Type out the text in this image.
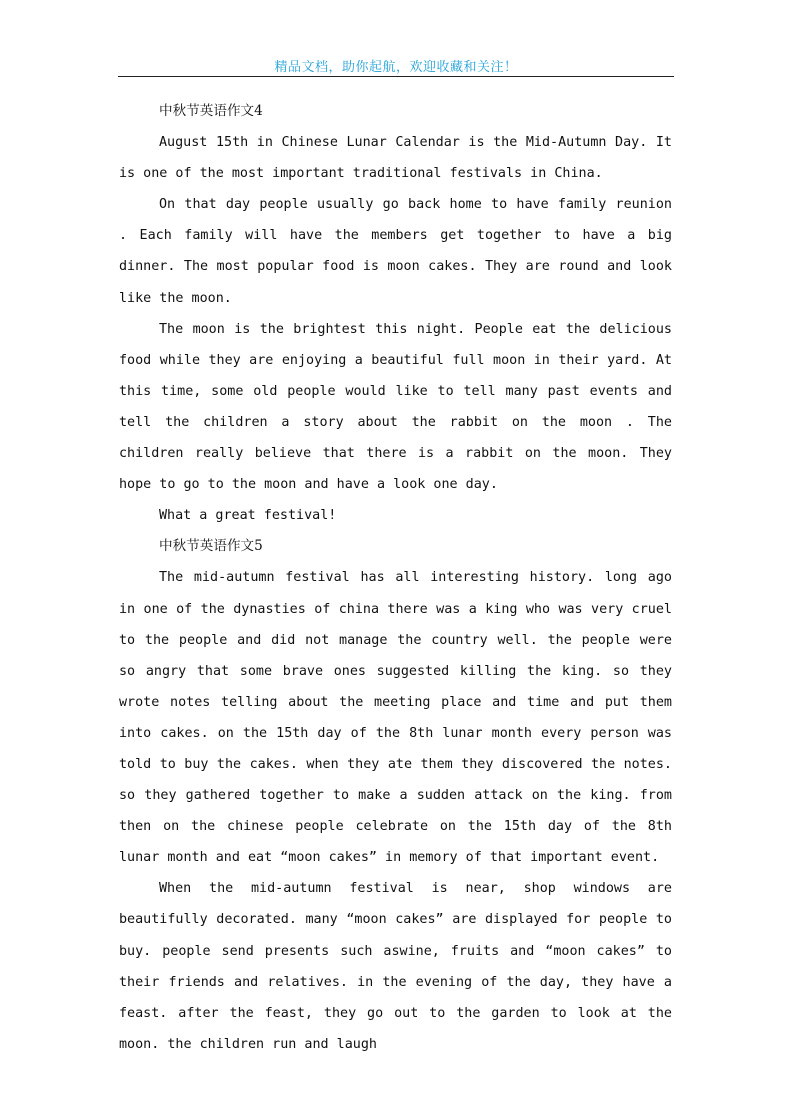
精品文档，助你起航，欢迎收藏和关注！

中秋节英语作文4

August 15th in Chinese Lunar Calendar is the Mid-Autumn Day. It is one of the most important traditional festivals in China.

On that day people usually go back home to have family reunion . Each family will have the members get together to have a big dinner. The most popular food is moon cakes. They are round and look like the moon.

The moon is the brightest this night. People eat the delicious food while they are enjoying a beautiful full moon in their yard. At this time, some old people would like to tell many past events and tell the children a story about the rabbit on the moon . The children really believe that there is a rabbit on the moon. They hope to go to the moon and have a look one day.

What a great festival!

中秋节英语作文5

The mid-autumn festival has all interesting history. long ago in one of the dynasties of china there was a king who was very cruel to the people and did not manage the country well. the people were so angry that some brave ones suggested killing the king. so they wrote notes telling about the meeting place and time and put them into cakes. on the 15th day of the 8th lunar month every person was told to buy the cakes. when they ate them they discovered the notes. so they gathered together to make a sudden attack on the king. from then on the chinese people celebrate on the 15th day of the 8th lunar month and eat “moon cakes” in memory of that important event.

When the mid-autumn festival is near, shop windows are beautifully decorated. many “moon cakes” are displayed for people to buy. people send presents such aswine, fruits and “moon cakes” to their friends and relatives. in the evening of the day, they have a feast. after the feast, they go out to the garden to look at the moon. the children run and laugh
